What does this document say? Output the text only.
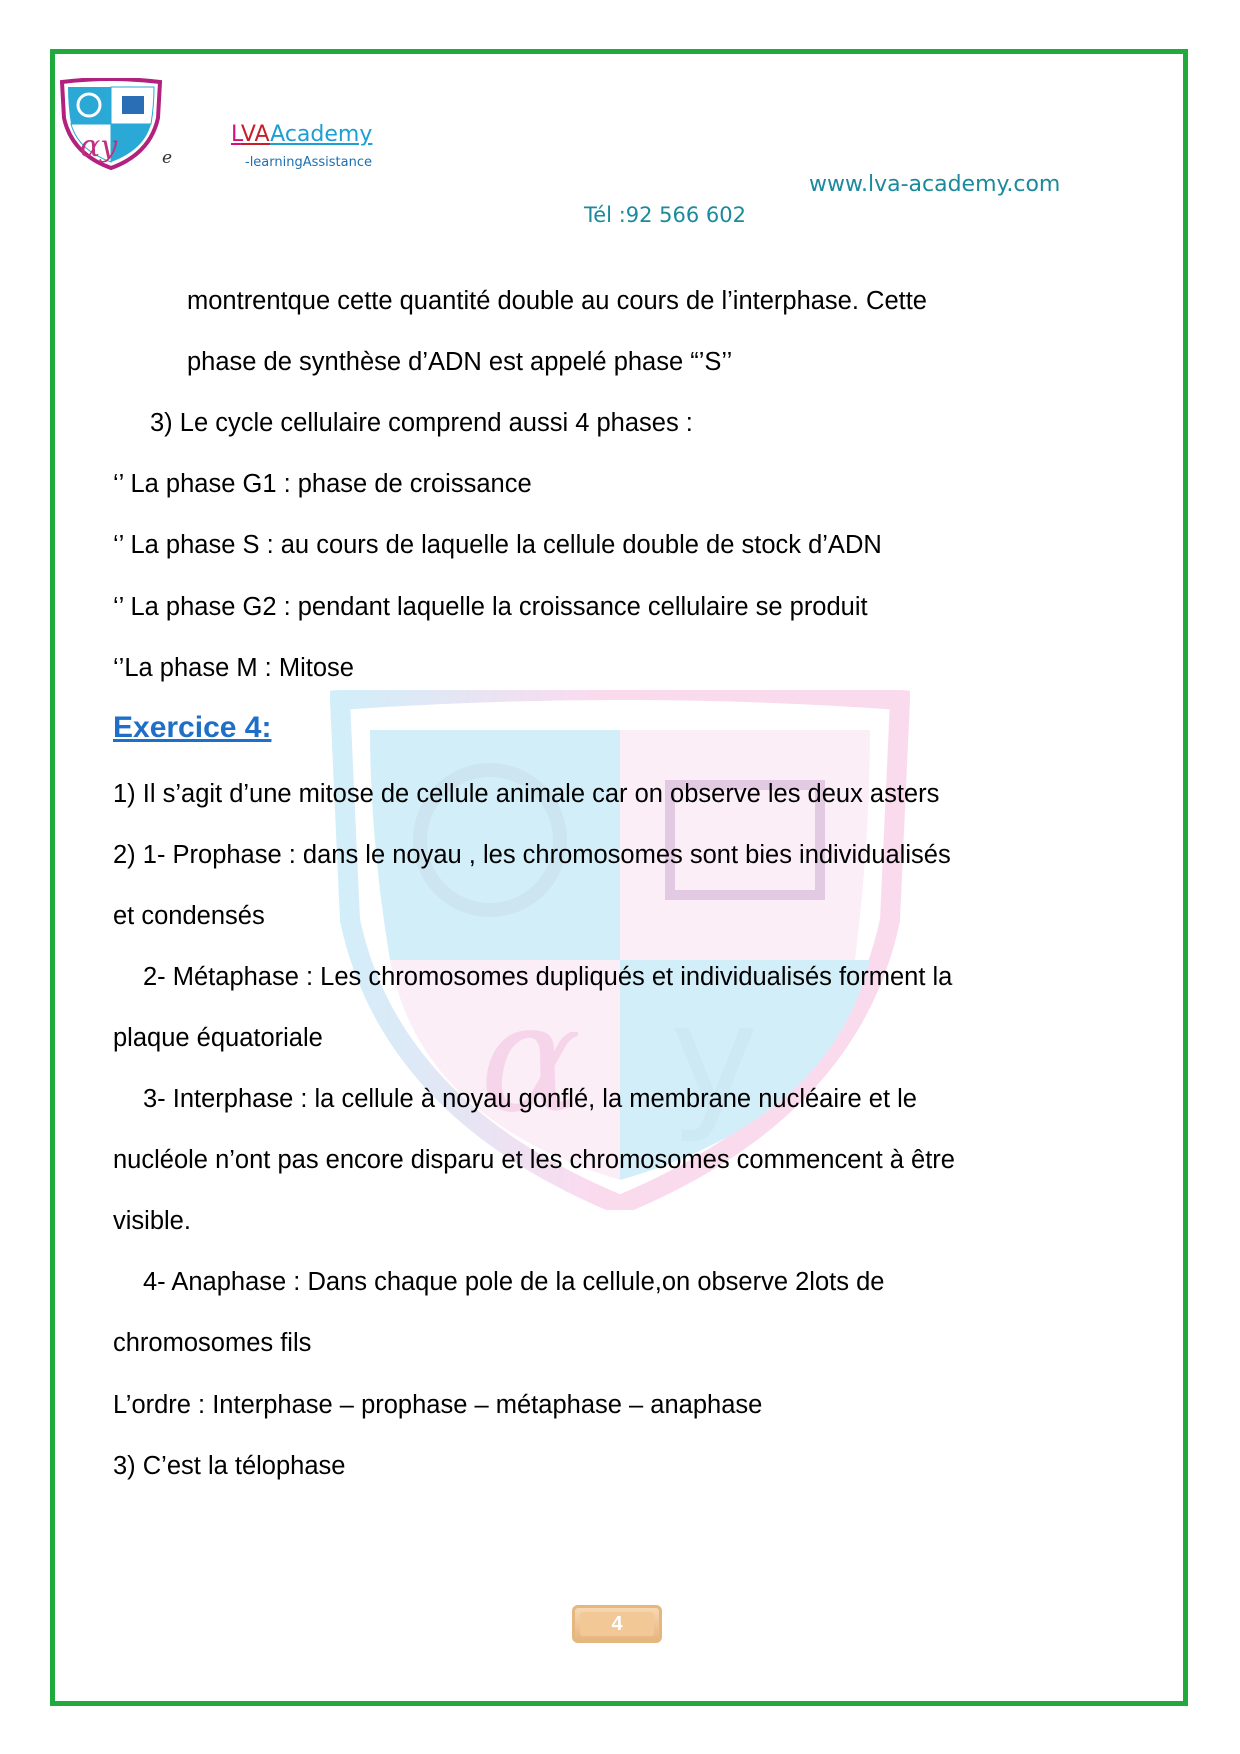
α y
αy	e
LVAAcademy
-learningAssistance
www.lva-academy.com
Tél :92 566 602
montrentque cette quantité double au cours de l’interphase. Cette
phase de synthèse d’ADN est appelé phase “’S’’
3) Le cycle cellulaire comprend aussi 4 phases :
‘’ La phase G1 : phase de croissance
‘’ La phase S : au cours de laquelle la cellule double de stock d’ADN
‘’ La phase G2 : pendant laquelle la croissance cellulaire se produit
‘’La phase M : Mitose
Exercice 4:
1) Il s’agit d’une mitose de cellule animale car on observe les deux asters
2) 1- Prophase : dans le noyau , les chromosomes sont bies individualisés
et condensés
2- Métaphase : Les chromosomes dupliqués et individualisés forment la
plaque équatoriale
3- Interphase : la cellule à noyau gonflé, la membrane nucléaire et le
nucléole n’ont pas encore disparu et les chromosomes commencent à être
visible.
4- Anaphase : Dans chaque pole de la cellule,on observe 2lots de
chromosomes fils
L’ordre : Interphase – prophase – métaphase – anaphase
3) C’est la télophase
4
